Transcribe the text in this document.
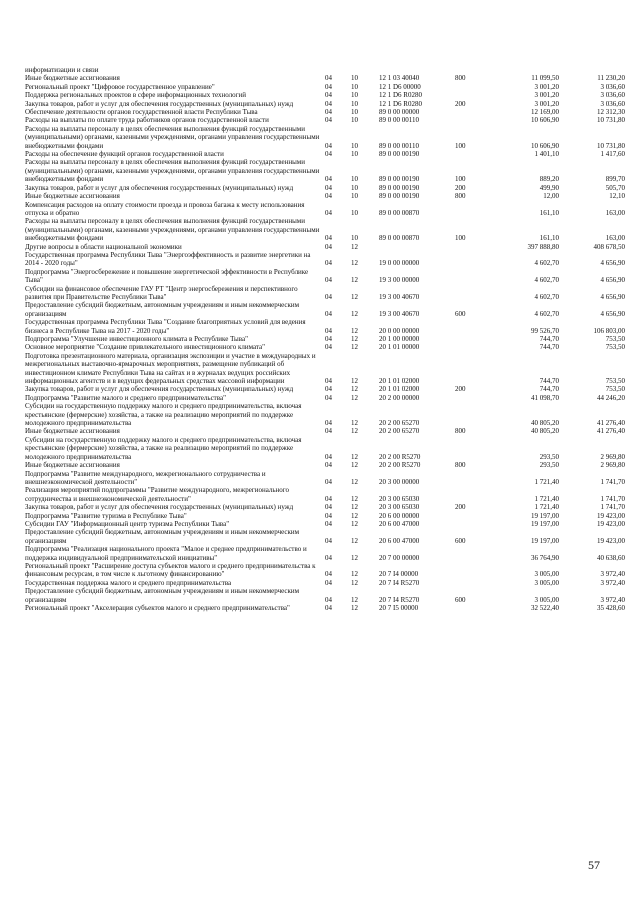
информатизации и связи						
Иные бюджетные ассигнования	04	10	12 1 03 40040	800	11 099,50	11 230,20
Региональный проект "Цифровое государственное управление"	04	10	12 1 D6 00000		3 001,20	3 036,60
Поддержка региональных проектов в сфере информационных технологий	04	10	12 1 D6 R0280		3 001,20	3 036,60
Закупка товаров, работ и услуг для обеспечения государственных (муниципальных) нужд	04	10	12 1 D6 R0280	200	3 001,20	3 036,60
Обеспечение деятельности органов государственной власти Республики Тыва	04	10	89 0 00 00000		12 169,00	12 312,30
Расходы на выплаты по оплате труда работников органов государственной власти	04	10	89 0 00 00110		10 606,90	10 731,80
Расходы на выплаты персоналу в целях обеспечения выполнения функций государственными (муниципальными) органами, казенными учреждениями, органами управления государственными внебюджетными фондами	04	10	89 0 00 00110	100	10 606,90	10 731,80
Расходы на обеспечение функций органов государственной власти	04	10	89 0 00 00190		1 401,10	1 417,60
Расходы на выплаты персоналу в целях обеспечения выполнения функций государственными (муниципальными) органами, казенными учреждениями, органами управления государственными внебюджетными фондами	04	10	89 0 00 00190	100	889,20	899,70
Закупка товаров, работ и услуг для обеспечения государственных (муниципальных) нужд	04	10	89 0 00 00190	200	499,90	505,70
Иные бюджетные ассигнования	04	10	89 0 00 00190	800	12,00	12,10
Компенсация расходов на оплату стоимости проезда и провоза багажа к месту использования отпуска и обратно	04	10	89 0 00 00870		161,10	163,00
Расходы на выплаты персоналу в целях обеспечения выполнения функций государственными (муниципальными) органами, казенными учреждениями, органами управления государственными внебюджетными фондами	04	10	89 0 00 00870	100	161,10	163,00
Другие вопросы в области национальной экономики	04	12			397 888,80	408 678,50
Государственная программа Республики Тыва "Энергоэффективность и развитие энергетики на 2014 - 2020 годы"	04	12	19 0 00 00000		4 602,70	4 656,90
Подпрограмма "Энергосбережение и повышение энергетической эффективности в Республике Тыва"	04	12	19 3 00 00000		4 602,70	4 656,90
Субсидии на финансовое обеспечение ГАУ РТ "Центр энергосбережения и перспективного развития при Правительстве Республики Тыва"	04	12	19 3 00 40670		4 602,70	4 656,90
Предоставление субсидий бюджетным, автономным учреждениям и иным некоммерческим организациям	04	12	19 3 00 40670	600	4 602,70	4 656,90
Государственная программа Республики Тыва "Создание благоприятных условий для ведения бизнеса в Республике Тыва на 2017 - 2020 годы"	04	12	20 0 00 00000		99 526,70	106 803,00
Подпрограмма "Улучшение инвестиционного климата в Республике Тыва"	04	12	20 1 00 00000		744,70	753,50
Основное мероприятие "Создание привлекательного инвестиционного климата"	04	12	20 1 01 00000		744,70	753,50
Подготовка презентационного материала, организация экспозиции и участие в международных и межрегиональных выставочно-ярмарочных мероприятиях, размещение публикаций об инвестиционном климате Республики Тыва на сайтах и в журналах ведущих российских информационных агентств и в ведущих федеральных средствах массовой информации	04	12	20 1 01 02000		744,70	753,50
Закупка товаров, работ и услуг для обеспечения государственных (муниципальных) нужд	04	12	20 1 01 02000	200	744,70	753,50
Подпрограмма "Развитие малого и среднего предпринимательства"	04	12	20 2 00 00000		41 098,70	44 246,20
Субсидии на государственную поддержку малого и среднего предпринимательства, включая крестьянские (фермерские) хозяйства, а также на реализацию мероприятий по поддержке молодежного предпринимательства	04	12	20 2 00 65270		40 805,20	41 276,40
Иные бюджетные ассигнования	04	12	20 2 00 65270	800	40 805,20	41 276,40
Субсидии на государственную поддержку малого и среднего предпринимательства, включая крестьянские (фермерские) хозяйства, а также на реализацию мероприятий по поддержке молодежного предпринимательства	04	12	20 2 00 R5270		293,50	2 969,80
Иные бюджетные ассигнования	04	12	20 2 00 R5270	800	293,50	2 969,80
Подпрограмма "Развитие международного, межрегионального сотрудничества и внешнеэкономической деятельности"	04	12	20 3 00 00000		1 721,40	1 741,70
Реализация мероприятий подпрограммы "Развитие международного, межрегионального сотрудничества и внешнеэкономической деятельности"	04	12	20 3 00 65030		1 721,40	1 741,70
Закупка товаров, работ и услуг для обеспечения государственных (муниципальных) нужд	04	12	20 3 00 65030	200	1 721,40	1 741,70
Подпрограмма "Развитие туризма в Республике Тыва"	04	12	20 6 00 00000		19 197,00	19 423,00
Субсидии ГАУ "Информационный центр туризма Республики Тыва"	04	12	20 6 00 47000		19 197,00	19 423,00
Предоставление субсидий бюджетным, автономным учреждениям и иным некоммерческим организациям	04	12	20 6 00 47000	600	19 197,00	19 423,00
Подпрограмма "Реализация национального проекта "Малое и среднее предпринимательство и поддержка индивидуальной предпринимательской инициативы"	04	12	20 7 00 00000		36 764,90	40 638,60
Региональный проект "Расширение доступа субъектов малого и среднего предпринимательства к финансовым ресурсам, в том числе к льготному финансированию"	04	12	20 7 I4 00000		3 005,00	3 972,40
Государственная поддержка малого и среднего предпринимательства	04	12	20 7 I4 R5270		3 005,00	3 972,40
Предоставление субсидий бюджетным, автономным учреждениям и иным некоммерческим организациям	04	12	20 7 I4 R5270	600	3 005,00	3 972,40
Региональный проект "Акселерация субъектов малого и среднего предпринимательства"	04	12	20 7 I5 00000		32 522,40	35 428,60
57
